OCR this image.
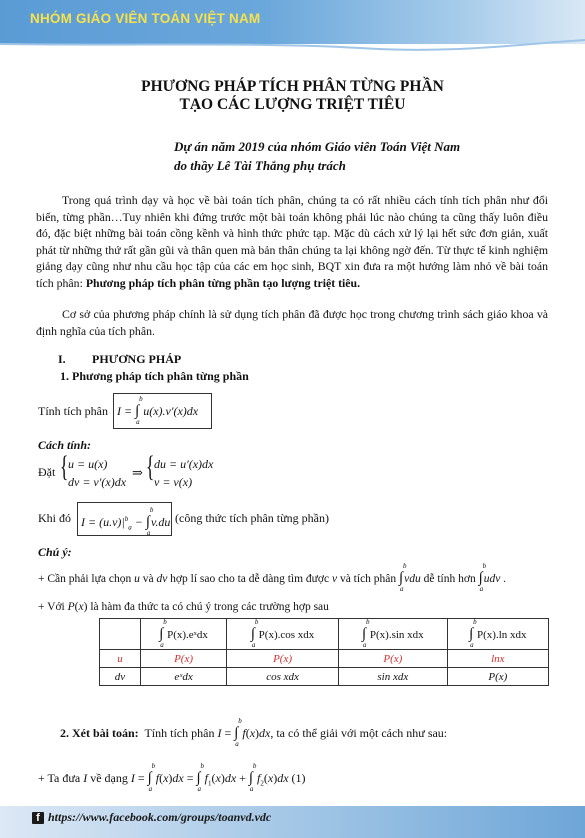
NHÓM GIÁO VIÊN TOÁN VIỆT NAM
PHƯƠNG PHÁP TÍCH PHÂN TỪNG PHẦN
TẠO CÁC LƯỢNG TRIỆT TIÊU
Dự án năm 2019 của nhóm Giáo viên Toán Việt Nam
do thầy Lê Tài Thắng phụ trách
Trong quá trình dạy và học về bài toán tích phân, chúng ta có rất nhiều cách tính tích phân như đổi biến, từng phần…Tuy nhiên khi đứng trước một bài toán không phải lúc nào chúng ta cũng thấy luôn điều đó, đặc biệt những bài toán cồng kềnh và hình thức phức tạp. Mặc dù cách xử lý lại hết sức đơn giản, xuất phát từ những thứ rất gần gũi và thân quen mà bản thân chúng ta lại không ngờ đến. Từ thực tế kinh nghiệm giảng dạy cũng như nhu cầu học tập của các em học sinh, BQT xin đưa ra một hướng làm nhỏ về bài toán tích phân: Phương pháp tích phân từng phần tạo lượng triệt tiêu.
Cơ sở của phương pháp chính là sử dụng tích phân đã được học trong chương trình sách giáo khoa và định nghĩa của tích phân.
I. PHƯƠNG PHÁP
1. Phương pháp tích phân từng phần
Tính tích phân I = ∫
b
a
u(x).v′(x)dx
Cách tính:
Đặt { u = u(x)
dv = v′(x)dx
⇒ { du = u′(x)dx
v = v(x)
Khi đó $I = (u.v)|^b_a$ − ∫
b
a
v.du (công thức tích phân từng phần)
Chú ý:
+ Cần phải lựa chọn u và dv hợp lí sao cho ta dễ dàng tìm được v và tích phân ∫
b
a
vdu dễ tính hơn ∫
b
a
udv .
+ Với P(x) là hàm đa thức ta có chú ý trong các trường hợp sau
	∫
b
a
P(x).eˣdx	∫
b
a
P(x).cos xdx	∫
b
a
P(x).sin xdx	∫
b
a
P(x).ln xdx
u	P(x)	P(x)	P(x)	lnx
dv	eˣdx	cos xdx	sin xdx	P(x)
2. Xét bài toán: Tính tích phân I = ∫
b
a
f(x)dx, ta có thể giải với một cách như sau:
+ Ta đưa I về dạng I = ∫
b
a
f(x)dx = ∫
b
a
$f_1(x)dx$ + ∫
b
a
$f_2(x)dx$ (1)
f https://www.facebook.com/groups/toanvd.vdc
